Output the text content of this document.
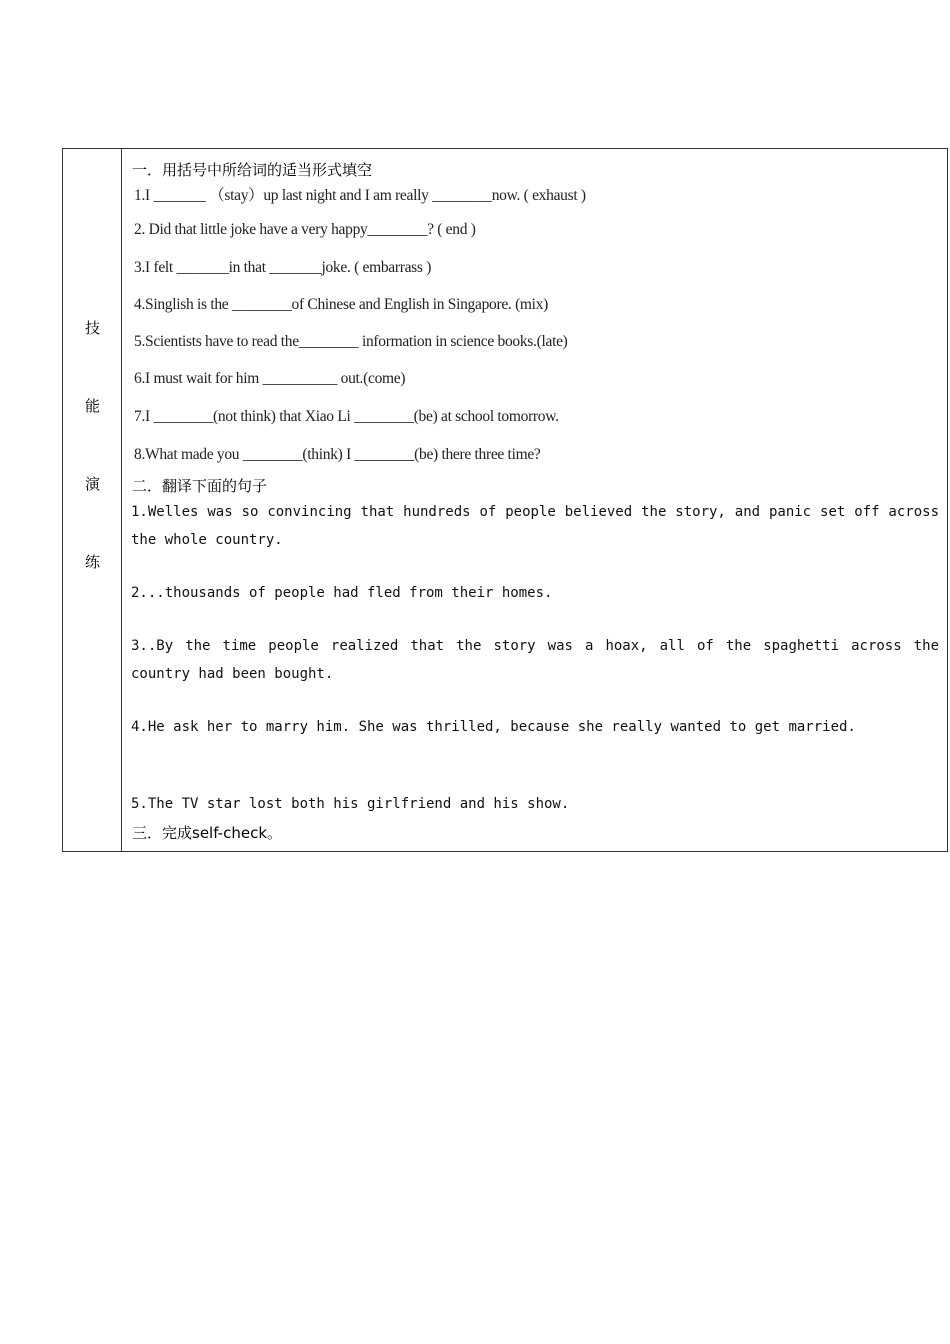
技
能
演
练
一．用括号中所给词的适当形式填空
1.I _______ （stay）up last night and I am really ________now. ( exhaust )
2. Did that little joke have a very happy________? ( end )
3.I felt _______in that _______joke. ( embarrass )
4.Singlish is the ________of Chinese and English in Singapore. (mix)
5.Scientists have to read the________ information in science books.(late)
6.I must wait for him __________ out.(come)
7.I ________(not think) that Xiao Li ________(be) at school tomorrow.
8.What made you ________(think) I ________(be) there three time?
二．翻译下面的句子
1.Welles was so convincing that hundreds of people believed the story, and panic set off across the whole country.
2...thousands of people had fled from their homes.
3..By the time people realized that the story was a hoax, all of the spaghetti across the country had been bought.
4.He ask her to marry him. She was thrilled, because she really wanted to get married.
5.The TV star lost both his girlfriend and his show.
三．完成self-check。
